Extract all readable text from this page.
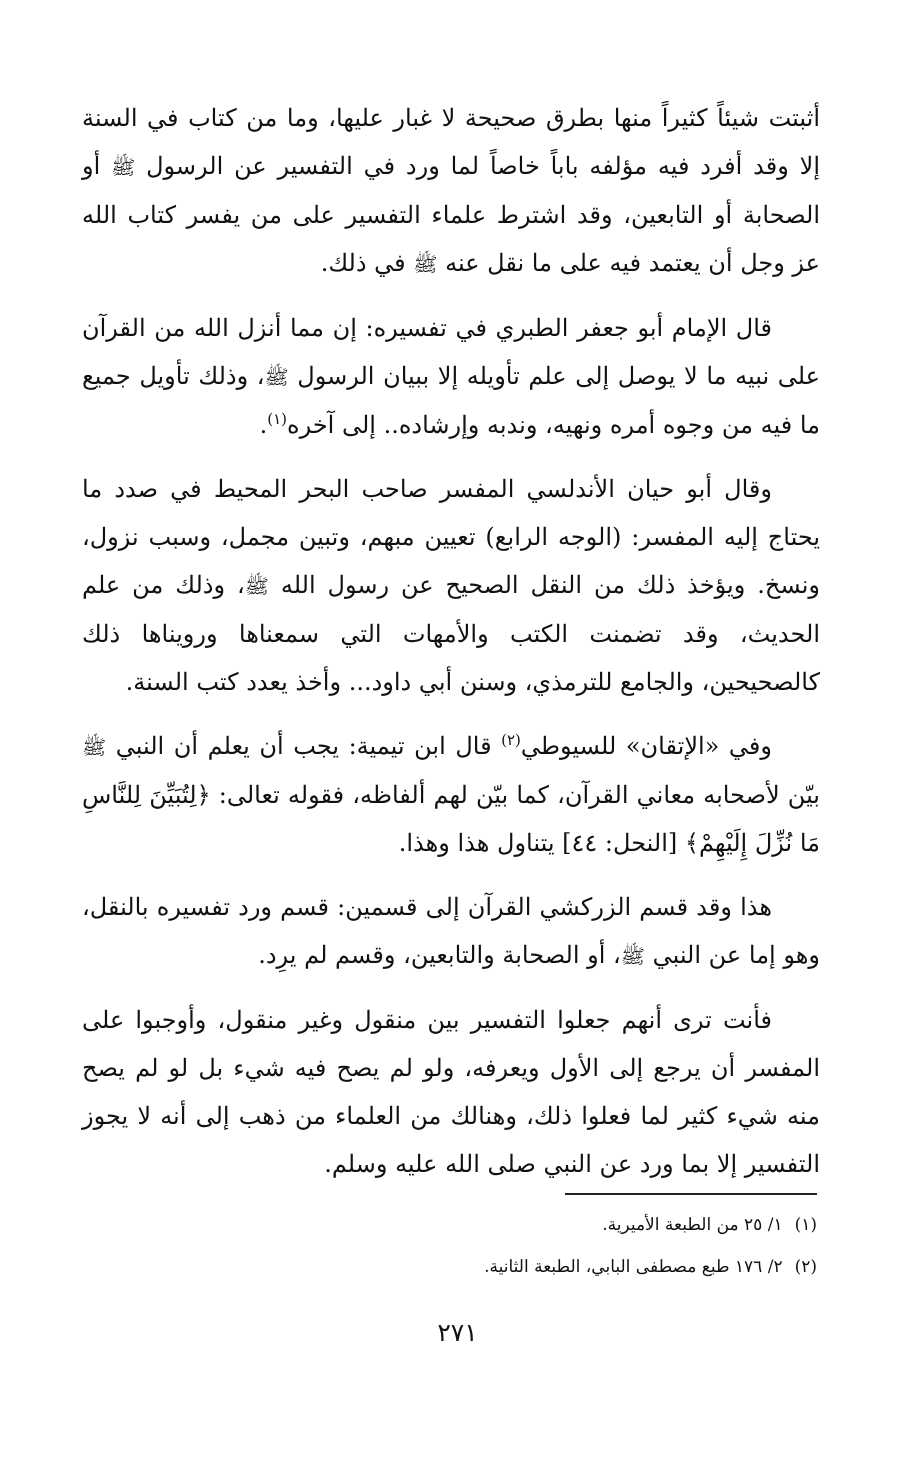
أثبتت شيئاً كثيراً منها بطرق صحيحة لا غبار عليها، وما من كتاب في السنة إلا وقد أفرد فيه مؤلفه باباً خاصاً لما ورد في التفسير عن الرسول ﷺ أو الصحابة أو التابعين، وقد اشترط علماء التفسير على من يفسر كتاب الله عز وجل أن يعتمد فيه على ما نقل عنه ﷺ في ذلك.

قال الإمام أبو جعفر الطبري في تفسيره: إن مما أنزل الله من القرآن على نبيه ما لا يوصل إلى علم تأويله إلا ببيان الرسول ﷺ، وذلك تأويل جميع ما فيه من وجوه أمره ونهيه، وندبه وإرشاده.. إلى آخره$^{(١)}$.

وقال أبو حيان الأندلسي المفسر صاحب البحر المحيط في صدد ما يحتاج إليه المفسر: (الوجه الرابع) تعيين مبهم، وتبين مجمل، وسبب نزول، ونسخ. ويؤخذ ذلك من النقل الصحيح عن رسول الله ﷺ، وذلك من علم الحديث، وقد تضمنت الكتب والأمهات التي سمعناها ورويناها ذلك كالصحيحين، والجامع للترمذي، وسنن أبي داود... وأخذ يعدد كتب السنة.

وفي «الإتقان» للسيوطي$^{(٢)}$ قال ابن تيمية: يجب أن يعلم أن النبي ﷺ بيّن لأصحابه معاني القرآن، كما بيّن لهم ألفاظه، فقوله تعالى: ﴿لِتُبَيِّنَ لِلنَّاسِ مَا نُزِّلَ إِلَيْهِمْ﴾ [النحل: ٤٤] يتناول هذا وهذا.

هذا وقد قسم الزركشي القرآن إلى قسمين: قسم ورد تفسيره بالنقل، وهو إما عن النبي ﷺ، أو الصحابة والتابعين، وقسم لم يرِد.

فأنت ترى أنهم جعلوا التفسير بين منقول وغير منقول، وأوجبوا على المفسر أن يرجع إلى الأول ويعرفه، ولو لم يصح فيه شيء بل لو لم يصح منه شيء كثير لما فعلوا ذلك، وهنالك من العلماء من ذهب إلى أنه لا يجوز التفسير إلا بما ورد عن النبي صلى الله عليه وسلم.

(١)١/ ٢٥ من الطبعة الأميرية.

(٢)٢/ ١٧٦ طبع مصطفى البابي، الطبعة الثانية.

٢٧١
